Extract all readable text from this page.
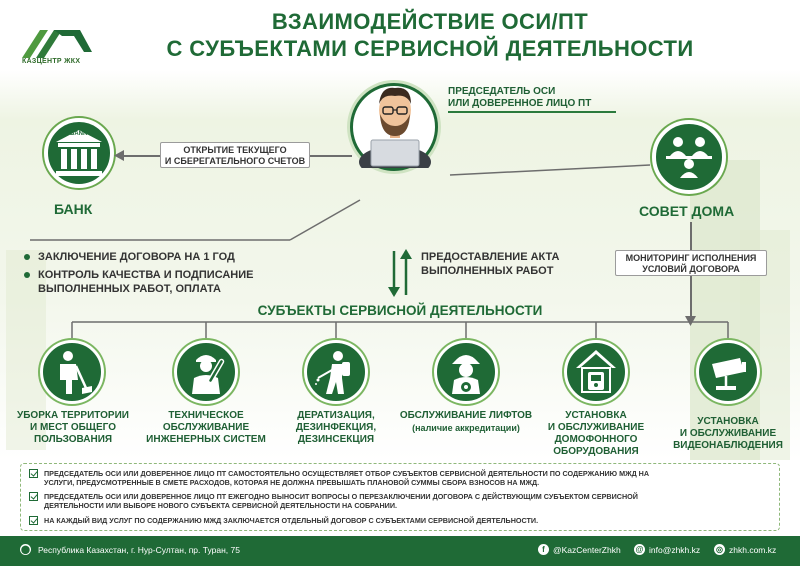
КАЗЦЕНТР ЖКХ
ВЗАИМОДЕЙСТВИЕ ОСИ/ПТ
С СУБЪЕКТАМИ СЕРВИСНОЙ ДЕЯТЕЛЬНОСТИ
ПРЕДСЕДАТЕЛЬ ОСИ
ИЛИ ДОВЕРЕННОЕ ЛИЦО ПТ
BANK
БАНК
ОТКРЫТИЕ ТЕКУЩЕГО
И СБЕРЕГАТЕЛЬНОГО СЧЕТОВ
СОВЕТ ДОМА
МОНИТОРИНГ ИСПОЛНЕНИЯ
УСЛОВИЙ ДОГОВОРА
ЗАКЛЮЧЕНИЕ ДОГОВОРА НА 1 ГОД
КОНТРОЛЬ КАЧЕСТВА И ПОДПИСАНИЕ
ВЫПОЛНЕННЫХ РАБОТ, ОПЛАТА
ПРЕДОСТАВЛЕНИЕ АКТА
ВЫПОЛНЕННЫХ РАБОТ
СУБЪЕКТЫ СЕРВИСНОЙ ДЕЯТЕЛЬНОСТИ
УБОРКА ТЕРРИТОРИИ
И МЕСТ ОБЩЕГО
ПОЛЬЗОВАНИЯ
ТЕХНИЧЕСКОЕ
ОБСЛУЖИВАНИЕ
ИНЖЕНЕРНЫХ СИСТЕМ
ДЕРАТИЗАЦИЯ,
ДЕЗИНФЕКЦИЯ,
ДЕЗИНСЕКЦИЯ
ОБСЛУЖИВАНИЕ ЛИФТОВ
(наличие аккредитации)
УСТАНОВКА
И ОБСЛУЖИВАНИЕ
ДОМОФОННОГО
ОБОРУДОВАНИЯ
УСТАНОВКА
И ОБСЛУЖИВАНИЕ
ВИДЕОНАБЛЮДЕНИЯ
ПРЕДСЕДАТЕЛЬ ОСИ ИЛИ ДОВЕРЕННОЕ ЛИЦО ПТ САМОСТОЯТЕЛЬНО ОСУЩЕСТВЛЯЕТ ОТБОР СУБЪЕКТОВ СЕРВИСНОЙ ДЕЯТЕЛЬНОСТИ ПО СОДЕРЖАНИЮ МЖД НА
УСЛУГИ, ПРЕДУСМОТРЕННЫЕ В СМЕТЕ РАСХОДОВ, КОТОРАЯ НЕ ДОЛЖНА ПРЕВЫШАТЬ ПЛАНОВОЙ СУММЫ СБОРА ВЗНОСОВ НА МЖД.
ПРЕДСЕДАТЕЛЬ ОСИ ИЛИ ДОВЕРЕННОЕ ЛИЦО ПТ ЕЖЕГОДНО ВЫНОСИТ ВОПРОСЫ О ПЕРЕЗАКЛЮЧЕНИИ ДОГОВОРА С ДЕЙСТВУЮЩИМ СУБЪЕКТОМ СЕРВИСНОЙ
ДЕЯТЕЛЬНОСТИ ИЛИ ВЫБОРЕ НОВОГО СУБЪЕКТА СЕРВИСНОЙ ДЕЯТЕЛЬНОСТИ НА СОБРАНИИ.
НА КАЖДЫЙ ВИД УСЛУГ ПО СОДЕРЖАНИЮ МЖД ЗАКЛЮЧАЕТСЯ ОТДЕЛЬНЫЙ ДОГОВОР С СУБЪЕКТАМИ СЕРВИСНОЙ ДЕЯТЕЛЬНОСТИ.
⬤ Республика Казахстан, г. Нур-Султан, пр. Туран, 75	f @KazCenterZhkh @ info@zhkh.kz ◎ zhkh.com.kz
